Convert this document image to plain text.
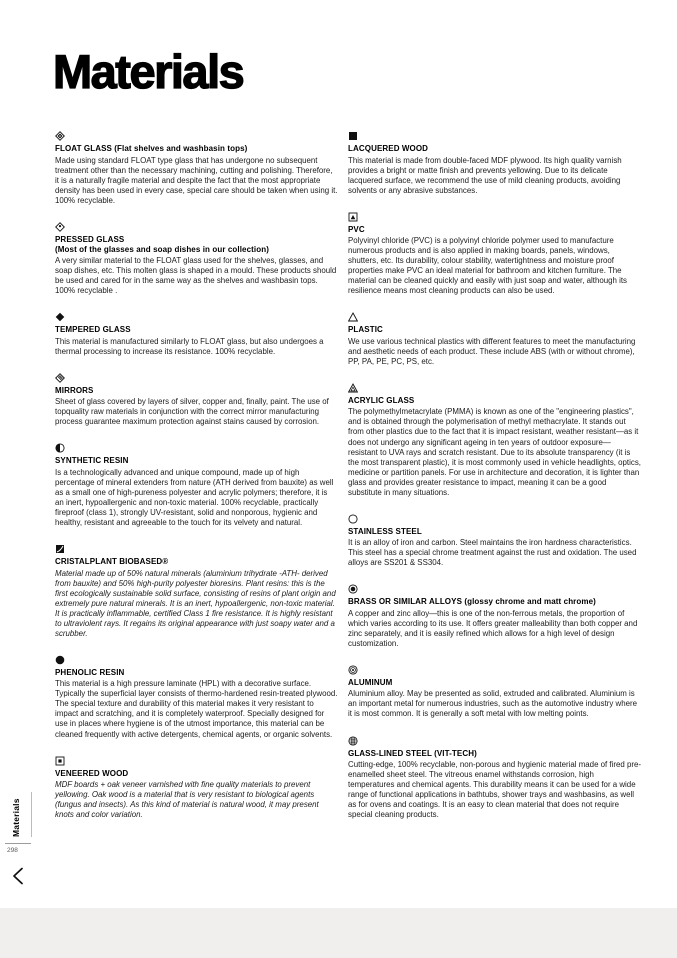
Materials
FLOAT GLASS (Flat shelves and washbasin tops)

Made using standard FLOAT type glass that has undergone no subsequent treatment other than the necessary machining, cutting and polishing. Therefore, it is a naturally fragile material and despite the fact that the most appropriate density has been used in every case, special care should be taken when using it. 100% recyclable.

PRESSED GLASS
(Most of the glasses and soap dishes in our collection)

A very similar material to the FLOAT glass used for the shelves, glasses, and soap dishes, etc. This molten glass is shaped in a mould. These products should be used and cared for in the same way as the shelves and washbasin tops. 100% recyclable .

TEMPERED GLASS

This material is manufactured similarly to FLOAT glass, but also undergoes a thermal processing to increase its resistance. 100% recyclable.

MIRRORS

Sheet of glass covered by layers of silver, copper and, finally, paint. The use of topquality raw materials in conjunction with the correct mirror manufacturing process guarantee maximum protection against stains caused by corrosion.

SYNTHETIC RESIN

Is a technologically advanced and unique compound, made up of high percentage of mineral extenders from nature (ATH derived from bauxite) as well as a small one of high-pureness polyester and acrylic polymers; therefore, it is an inert, hypoallergenic and non-toxic material. 100% recyclable, practically fireproof (class 1), strongly UV-resistant, solid and nonporous, hygienic and healthy, resistant and agreeable to the touch for its velvety and natural.

CRISTALPLANT BIOBASED®

Material made up of 50% natural minerals (aluminium trihydrate -ATH- derived from bauxite) and 50% high-purity polyester bioresins. Plant resins: this is the first ecologically sustainable solid surface, consisting of resins of plant origin and extremely pure natural minerals. It is an inert, hypoallergenic, non-toxic material. It is practically inflammable, certified Class 1 fire resistance. It is highly resistant to ultraviolent rays. It regains its original appearance with just soapy water and a scrubber.

PHENOLIC RESIN

This material is a high pressure laminate (HPL) with a decorative surface. Typically the superficial layer consists of thermo-hardened resin-treated plywood. The special texture and durability of this material makes it very resistant to impact and scratching, and it is completely waterproof. Specially designed for use in places where hygiene is of the utmost importance, this material can be cleaned frequently with active detergents, chemical agents, or organic solvents.

VENEERED WOOD

MDF boards + oak veneer varnished with fine quality materials to prevent yellowing. Oak wood is a material that is very resistant to biological agents (fungus and insects). As this kind of material is natural wood, it may present knots and color variation.

LACQUERED WOOD

This material is made from double-faced MDF plywood. Its high quality varnish provides a bright or matte finish and prevents yellowing. Due to its delicate lacquered surface, we recommend the use of mild cleaning products, avoiding solvents or any abrasive substances.

PVC

Polyvinyl chloride (PVC) is a polyvinyl chloride polymer used to manufacture numerous products and is also applied in making boards, panels, windows, shutters, etc. Its durability, colour stability, watertightness and moisture proof properties make PVC an ideal material for bathroom and kitchen furniture. The material can be cleaned quickly and easily with just soap and water, although its resilience means most cleaning products can also be used.

PLASTIC

We use various technical plastics with different features to meet the manufacturing and aesthetic needs of each product. These include ABS (with or without chrome), PP, PA, PE, PC, PS, etc.

ACRYLIC GLASS

The polymethylmetacrylate (PMMA) is known as one of the "engineering plastics", and is obtained through the polymerisation of methyl methacrylate. It stands out from other plastics due to the fact that it is impact resistant, weather resistant—as it does not undergo any significant ageing in ten years of outdoor exposure— resistant to UVA rays and scratch resistant. Due to its absolute transparency (it is the most transparent plastic), it is most commonly used in vehicle headlights, optics, medicine or partition panels. For use in architecture and decoration, it is lighter than glass and provides greater resistance to impact, meaning it can be a good substitute in many situations.

STAINLESS STEEL

It is an alloy of iron and carbon. Steel maintains the iron hardness characteristics. This steel has a special chrome treatment against the rust and oxidation. The used alloys are SS201 & SS304.

BRASS OR SIMILAR ALLOYS (glossy chrome and matt chrome)

A copper and zinc alloy—this is one of the non-ferrous metals, the proportion of which varies according to its use. It offers greater malleability than both copper and zinc separately, and it is easily refined which allows for a high level of design customization.

ALUMINUM

Aluminium alloy. May be presented as solid, extruded and calibrated. Aluminium is an important metal for numerous industries, such as the automotive industry where it is most common. It is generally a soft metal with low melting points.

GLASS-LINED STEEL (VIT-TECH)

Cutting-edge, 100% recyclable, non-porous and hygienic material made of fired pre-enamelled sheet steel. The vitreous enamel withstands corrosion, high temperatures and chemical agents. This durability means it can be used for a wide range of functional applications in bathtubs, shower trays and washbasins, as well as for ovens and coatings. It is an easy to clean material that does not require special cleaning products.

Materials
298
